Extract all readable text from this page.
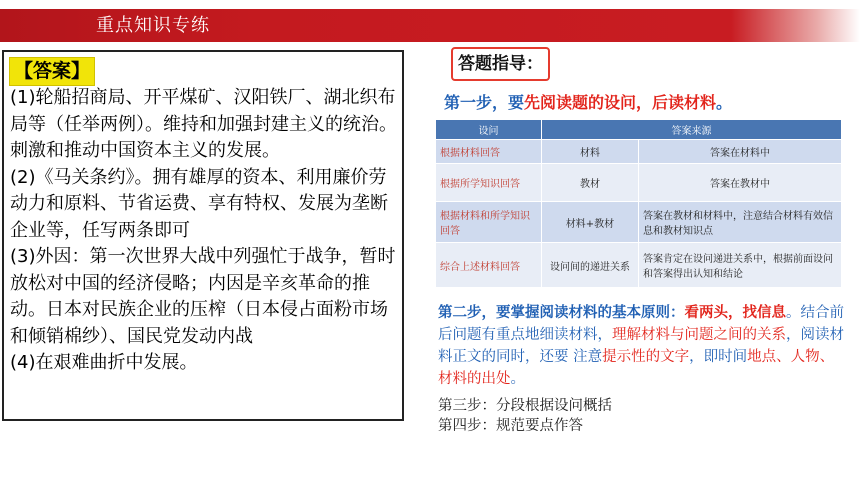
重点知识专练
【答案】

(1)轮船招商局、开平煤矿、汉阳铁厂、湖北织布局等（任举两例）。维持和加强封建主义的统治。刺激和推动中国资本主义的发展。

(2)《马关条约》。拥有雄厚的资本、利用廉价劳动力和原料、节省运费、享有特权、发展为垄断企业等，任写两条即可

(3)外因：第一次世界大战中列强忙于战争，暂时放松对中国的经济侵略；内因是辛亥革命的推动。日本对民族企业的压榨（日本侵占面粉市场和倾销棉纱）、国民党发动内战

(4)在艰难曲折中发展。

答题指导：
第一步，要先阅读题的设问，后读材料。
设问	答案来源	
根据材料回答	材料	答案在材料中
根据所学知识回答	教材	答案在教材中
根据材料和所学知识回答	材料+教材	答案在教材和材料中，注意结合材料有效信息和教材知识点
综合上述材料回答	设问间的递进关系	答案肯定在设问递进关系中，根据前面设问和答案得出认知和结论

第二步，要掌握阅读材料的基本原则：看两头，找信息。结合前后问题有重点地细读材料，理解材料与问题之间的关系，阅读材料正文的同时，还要 注意提示性的文字，即时间地点、人物、材料的出处。

第三步：分段根据设问概括
第四步：规范要点作答
